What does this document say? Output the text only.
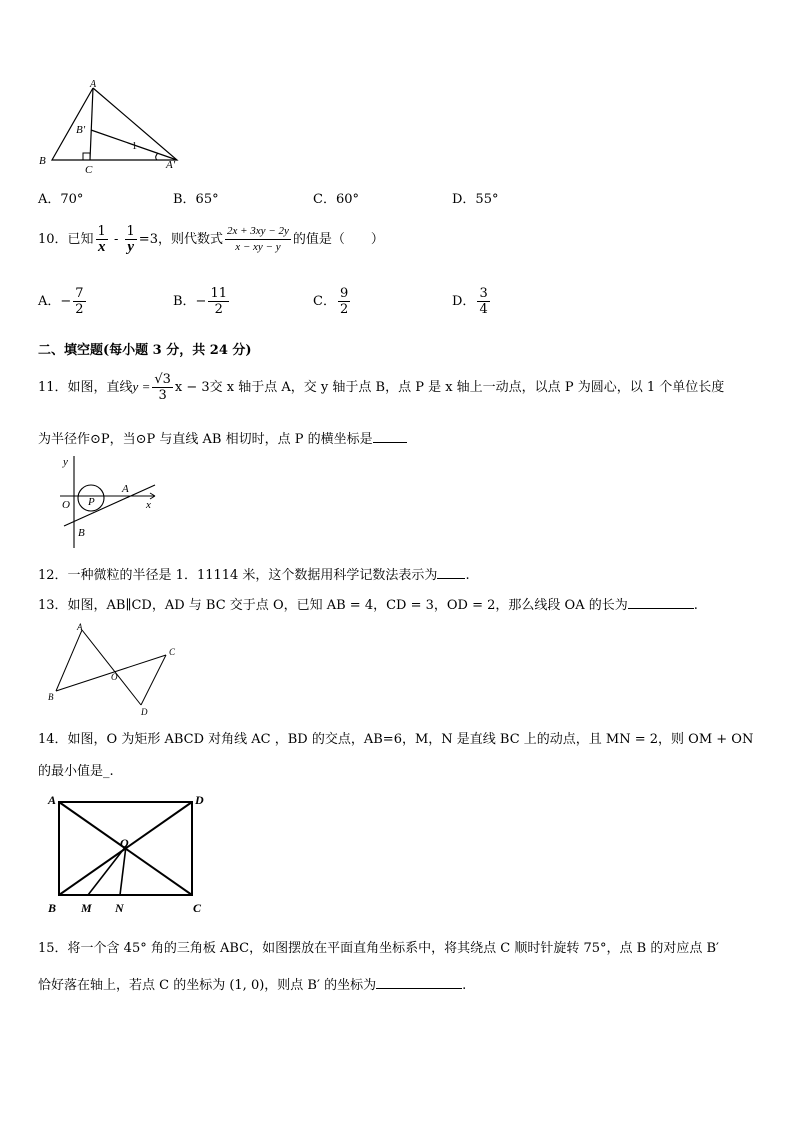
A
B'
B
C	A'
1
A．70°	B．65°	C．60°	D．55°
10．已知 $\frac{1}{x} - \frac{1}{y} =3$，则代数式 $\frac{2x + 3xy - 2y}{x - xy - y}$ 的值是（　　）
A．− $\frac{7}{2}$	B．− $\frac{11}{2}$	C． $\frac{9}{2}$	D． $\frac{3}{4}$
二、填空题(每小题 3 分，共 24 分)
11．如图，直线$y = \frac{√3}{3}$ x − 3交 x 轴于点 A，交 y 轴于点 B，点 P 是 x 轴上一动点，以点 P 为圆心，以 1 个单位长度
为半径作⊙P，当⊙P 与直线 AB 相切时，点 P 的横坐标是
y
A
O P	x
B
12．一种微粒的半径是 1．11114 米，这个数据用科学记数法表示为 .
13．如图，AB∥CD，AD 与 BC 交于点 O，已知 AB = 4，CD = 3，OD = 2，那么线段 OA 的长为	.
A
B
O
C
D
14．如图，O 为矩形 ABCD 对角线 AC ，BD 的交点，AB=6，M，N 是直线 BC 上的动点，且 MN = 2，则 OM + ON
的最小值是_.
A	D
O
B M N	C
15．将一个含 45° 角的三角板 ABC，如图摆放在平面直角坐标系中，将其绕点 C 顺时针旋转 75°，点 B 的对应点 B′
恰好落在轴上，若点 C 的坐标为 (1, 0)，则点 B′ 的坐标为	.
